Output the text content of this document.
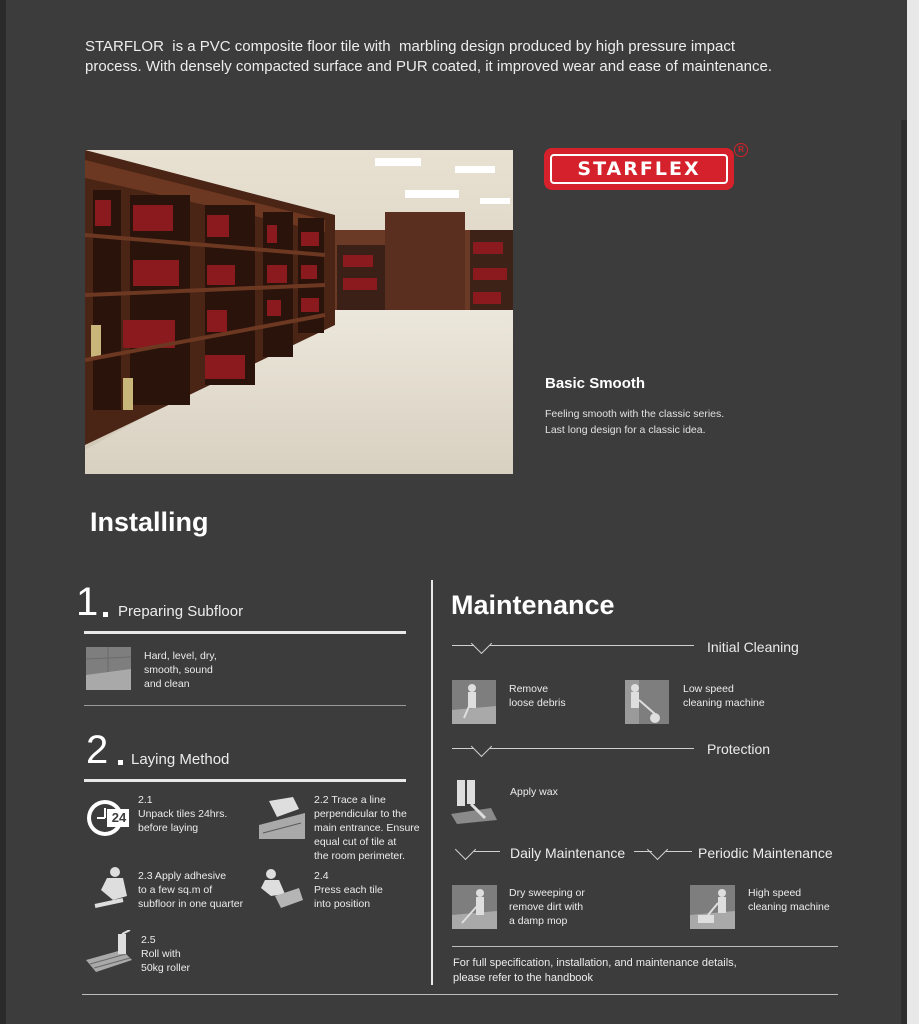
STARFLOR  is a PVC composite floor tile with  marbling design produced by high pressure impact
process. With densely compacted surface and PUR coated, it improved wear and ease of maintenance.
STARFLEX
R
Basic Smooth
Feeling smooth with the classic series.
Last long design for a classic idea.
Installing
1 Preparing Subfloor
Hard, level, dry,
smooth, sound
and clean
2 Laying Method
24
2.1
Unpack tiles 24hrs.
before laying
2.2 Trace a line
perpendicular to the
main entrance. Ensure
equal cut of tile at
the room perimeter.
2.3 Apply adhesive
to a few sq.m of
subfloor in one quarter
2.4
Press each tile
into position
2.5
Roll with
50kg roller
Maintenance
Initial Cleaning
Remove
loose debris
Low speed
cleaning machine
Protection
Apply wax
Daily Maintenance	Periodic Maintenance
Dry sweeping or
remove dirt with
a damp mop
High speed
cleaning machine
For full specification, installation, and maintenance details,
please refer to the handbook
